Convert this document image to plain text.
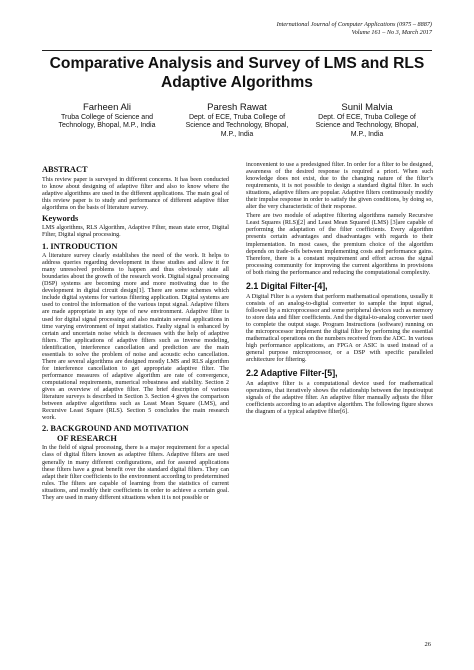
International Journal of Computer Applications (0975 – 8887)
Volume 161 – No 3, March 2017
Comparative Analysis and Survey of LMS and RLS
Adaptive Algorithms
Farheen Ali
Truba College of Science and
Technology, Bhopal, M.P., India
Paresh Rawat
Dept. of ECE, Truba College of
Science and Technology, Bhopal,
M.P., India
Sunil Malvia
Dept. Of ECE, Truba College of
Science and Technology, Bhopal,
M.P., India
ABSTRACT

This review paper is surveyed in different concerns. It has been conducted to know about designing of adaptive filter and also to know where the adaptive algorithms are used in the different applications. The main goal of this review paper is to study and performance of different adaptive filter algorithms on the basis of literature survey.

Keywords

LMS algorithms, RLS Algorithm, Adaptive Filter, mean state error, Digital Filter, Digital signal processing.

1. INTRODUCTION

A literature survey clearly establishes the need of the work. It helps to address queries regarding development in these studies and allow it for many unresolved problems to happen and thus obviously state all boundaries about the growth of the research work. Digital signal processing (DSP) systems are becoming more and more motivating due to the development in digital circuit design[1]. There are some schemes which include digital systems for various filtering application. Digital systems are used to control the information of the various input signal. Adaptive filters are made appropriate in any type of new environment. Adaptive filter is used for digital signal processing and also maintain several applications in time varying environment of input statistics. Faulty signal is enhanced by certain and uncertain noise which is decreases with the help of adaptive filters. The applications of adaptive filters such as inverse modeling, identification, interference cancellation and prediction are the main essentials to solve the problem of noise and acoustic echo cancellation. There are several algorithms are designed mostly LMS and RLS algorithm for interference cancellation to get appropriate adaptive filter. The performance measures of adaptive algorithm are rate of convergence, computational requirements, numerical robustness and stability. Section 2 gives an overview of adaptive filter. The brief description of various literature surveys is described in Section 3. Section 4 gives the comparison between adaptive algorithms such as Least Mean Square (LMS), and Recursive Least Square (RLS). Section 5 concludes the main research work.

2. BACKGROUND AND MOTIVATION
OF RESEARCH

In the field of signal processing, there is a major requirement for a special class of digital filters known as adaptive filters. Adaptive filters are used generally in many different configurations, and for assured applications these filters have a great benefit over the standard digital filters. They can adapt their filter coefficients to the environment according to predetermined rules. The filters are capable of learning from the statistics of current situations, and modify their coefficients in order to achieve a certain goal. They are used in many different situations when it is not possible or

inconvenient to use a predesigned filter. In order for a filter to be designed, awareness of the desired response is required a priori. When such knowledge does not exist, due to the changing nature of the filter’s requirements, it is not possible to design a standard digital filter. In such situations, adaptive filters are popular. Adaptive filters continuously modify their impulse response in order to satisfy the given conditions, by doing so, alter the very characteristic of their response.

There are two module of adaptive filtering algorithms namely Recursive Least Squares (RLS)[2] and Least Mean Squared (LMS) [3]are capable of performing the adaptation of the filter coefficients. Every algorithm presents certain advantages and disadvantages with regards to their implementation. In most cases, the premium choice of the algorithm depends on trade-offs between implementing costs and performance gains. Therefore, there is a constant requirement and effort across the signal processing community for improving the current algorithms in provisions of both rising the performance and reducing the computational complexity.

2.1 Digital Filter-[4],

A Digital Filter is a system that perform mathematical operations, usually it consists of an analog-to-digital converter to sample the input signal, followed by a microprocessor and some peripheral devices such as memory to store data and filter coefficients. And the digital-to-analog converter used to complete the output stage. Program Instructions (software) running on the microprocessor implement the digital filter by performing the essential mathematical operations on the numbers received from the ADC. In various high performance applications, an FPGA or ASIC is used instead of a general purpose microprocessor, or a DSP with specific paralleled architecture for filtering.

2.2 Adaptive Filter-[5],

An adaptive filter is a computational device used for mathematical operations, that iteratively shows the relationship between the input/output signals of the adaptive filter. An adaptive filter manually adjusts the filter coefficients according to an adaptive algorithm. The following figure shows the diagram of a typical adaptive filter[6].

26
